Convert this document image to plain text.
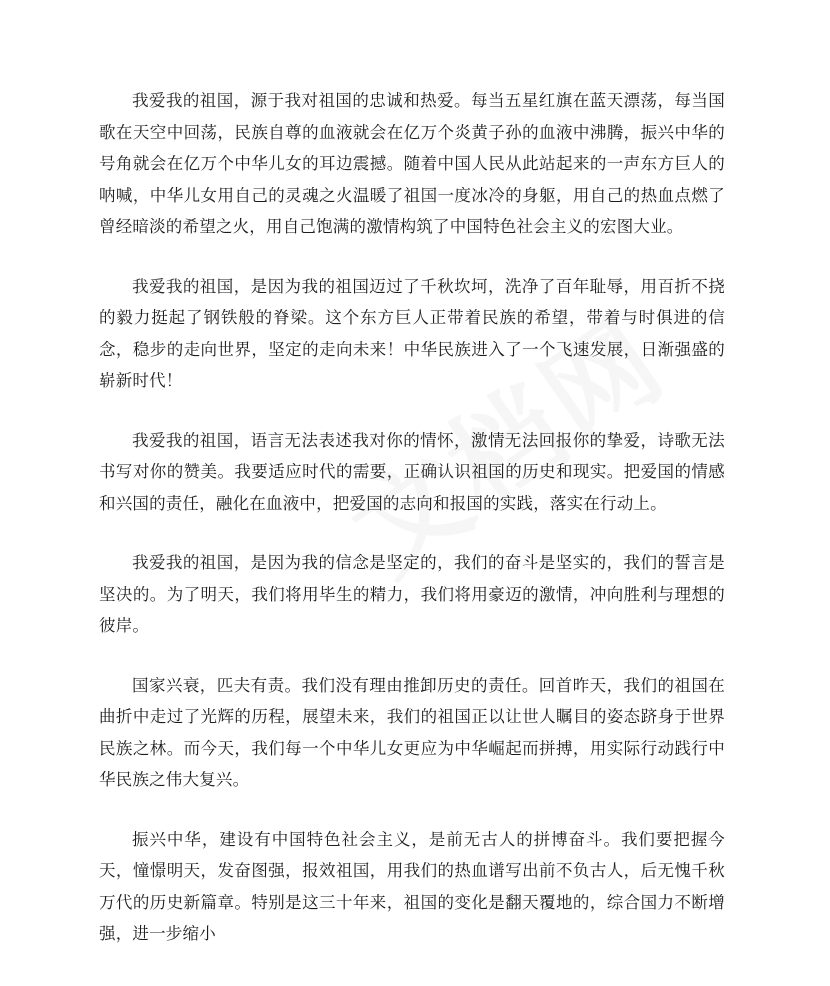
我爱我的祖国，源于我对祖国的忠诚和热爱。每当五星红旗在蓝天漂荡，每当国歌在天空中回荡，民族自尊的血液就会在亿万个炎黄子孙的血液中沸腾，振兴中华的号角就会在亿万个中华儿女的耳边震撼。随着中国人民从此站起来的一声东方巨人的呐喊，中华儿女用自己的灵魂之火温暖了祖国一度冰冷的身躯，用自己的热血点燃了曾经暗淡的希望之火，用自己饱满的激情构筑了中国特色社会主义的宏图大业。

我爱我的祖国，是因为我的祖国迈过了千秋坎坷，洗净了百年耻辱，用百折不挠的毅力挺起了钢铁般的脊梁。这个东方巨人正带着民族的希望，带着与时俱进的信念，稳步的走向世界，坚定的走向未来！中华民族进入了一个飞速发展，日渐强盛的崭新时代！

我爱我的祖国，语言无法表述我对你的情怀，激情无法回报你的挚爱，诗歌无法书写对你的赞美。我要适应时代的需要，正确认识祖国的历史和现实。把爱国的情感和兴国的责任，融化在血液中，把爱国的志向和报国的实践，落实在行动上。

我爱我的祖国，是因为我的信念是坚定的，我们的奋斗是坚实的，我们的誓言是坚决的。为了明天，我们将用毕生的精力，我们将用豪迈的激情，冲向胜利与理想的彼岸。

国家兴衰，匹夫有责。我们没有理由推卸历史的责任。回首昨天，我们的祖国在曲折中走过了光辉的历程，展望未来，我们的祖国正以让世人瞩目的姿态跻身于世界民族之林。而今天，我们每一个中华儿女更应为中华崛起而拼搏，用实际行动践行中华民族之伟大复兴。

振兴中华，建设有中国特色社会主义，是前无古人的拼博奋斗。我们要把握今天，憧憬明天，发奋图强，报效祖国，用我们的热血谱写出前不负古人，后无愧千秋万代的历史新篇章。特别是这三十年来，祖国的变化是翻天覆地的，综合国力不断增强，进一步缩小
